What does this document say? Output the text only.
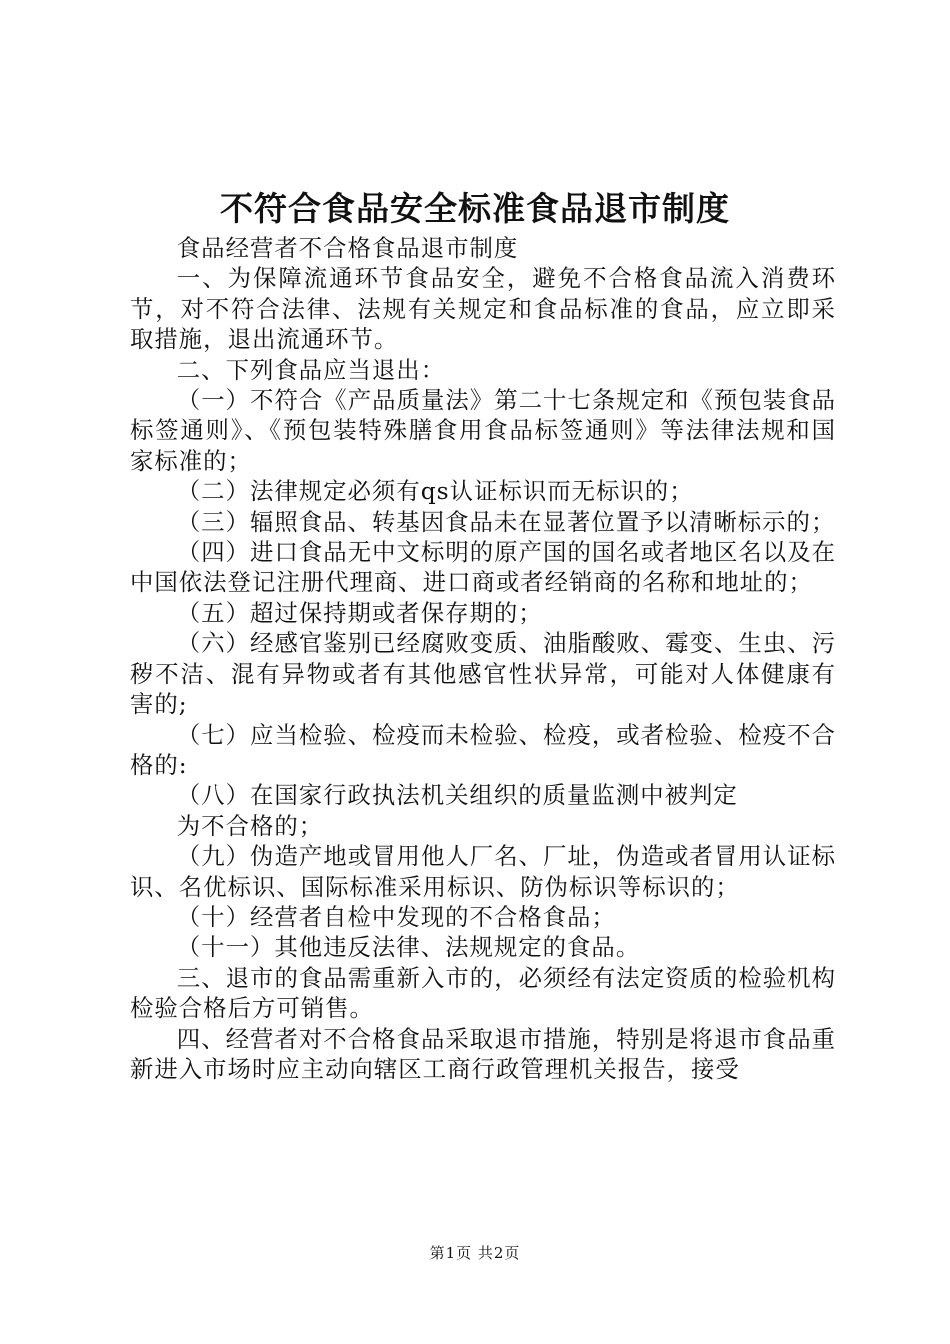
不符合食品安全标准食品退市制度

食品经营者不合格食品退市制度

一、为保障流通环节食品安全，避免不合格食品流入消费环节，对不符合法律、法规有关规定和食品标准的食品，应立即采取措施，退出流通环节。

二、下列食品应当退出：

（一）不符合《产品质量法》第二十七条规定和《预包装食品标签通则》、《预包装特殊膳食用食品标签通则》等法律法规和国家标准的；

（二）法律规定必须有qs认证标识而无标识的；

（三）辐照食品、转基因食品未在显著位置予以清晰标示的；

（四）进口食品无中文标明的原产国的国名或者地区名以及在中国依法登记注册代理商、进口商或者经销商的名称和地址的；

（五）超过保持期或者保存期的；

（六）经感官鉴别已经腐败变质、油脂酸败、霉变、生虫、污秽不洁、混有异物或者有其他感官性状异常，可能对人体健康有害的;

（七）应当检验、检疫而未检验、检疫，或者检验、检疫不合格的:

（八）在国家行政执法机关组织的质量监测中被判定

为不合格的；

（九）伪造产地或冒用他人厂名、厂址，伪造或者冒用认证标识、名优标识、国际标准采用标识、防伪标识等标识的；

（十）经营者自检中发现的不合格食品；

（十一）其他违反法律、法规规定的食品。

三、退市的食品需重新入市的，必须经有法定资质的检验机构检验合格后方可销售。

四、经营者对不合格食品采取退市措施，特别是将退市食品重新进入市场时应主动向辖区工商行政管理机关报告，接受

第1页 共2页
